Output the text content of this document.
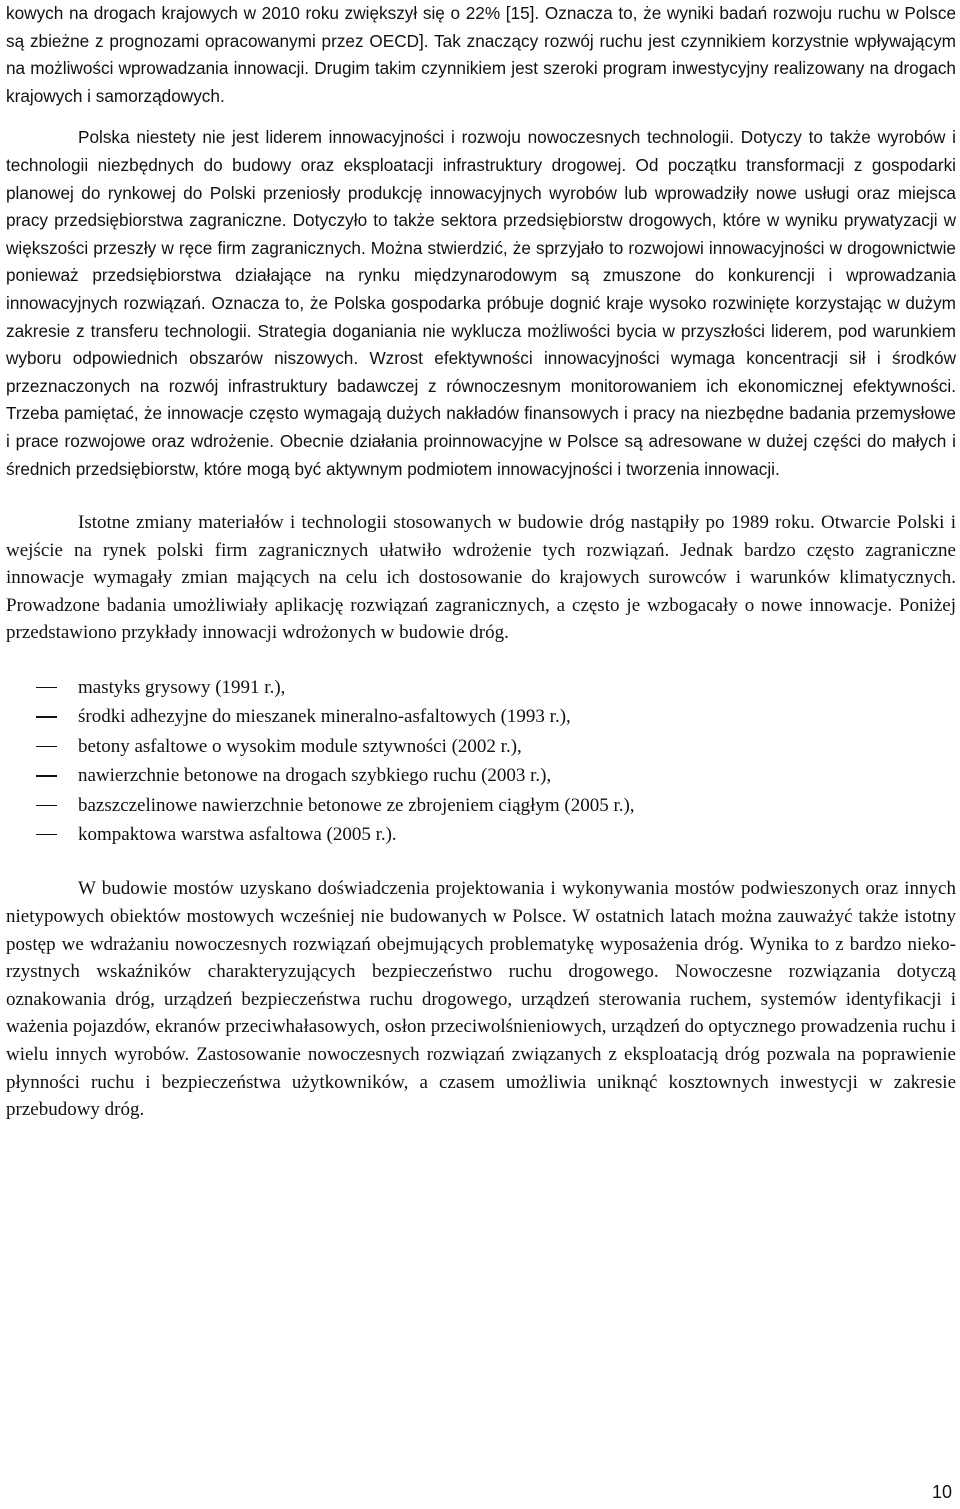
kowych na drogach krajowych w 2010 roku zwiększył się o 22% [15]. Oznacza to, że wyniki badań rozwoju ruchu w Polsce są zbieżne z prognozami opracowanymi przez OECD]. Tak znaczący rozwój ruchu jest czynnikiem korzystnie wpływającym na możliwości wprowadzania innowacji. Drugim takim czynnikiem jest szeroki program inwestycyjny realizowany na drogach krajowych i samorządowych.

Polska niestety nie jest liderem innowacyjności i rozwoju nowoczesnych technologii. Dotyczy to także wyrobów i technologii niezbędnych do budowy oraz eksploatacji infrastruktury drogowej. Od początku transformacji z gospodarki planowej do rynkowej do Polski przeniosły produkcję innowacyjnych wyrobów lub wprowadziły nowe usługi oraz miejsca pracy przedsiębiorstwa zagraniczne. Dotyczyło to także sektora przedsiębiorstw drogowych, które w wyniku prywatyzacji w większości przeszły w ręce firm zagranicznych. Można stwierdzić, że sprzyjało to rozwojowi innowacyjności w drogownictwie ponieważ przedsiębiorstwa działające na rynku międzynarodowym są zmuszone do konkurencji i wprowadzania innowacyjnych rozwiązań. Oznacza to, że Polska gospodarka próbuje dognić kraje wysoko rozwinięte korzystając w dużym zakresie z transferu technologii. Strategia doganiania nie wyklucza możliwości bycia w przyszłości liderem, pod warunkiem wyboru odpowiednich obszarów niszowych. Wzrost efektywności innowacyjności wymaga koncentracji sił i środków przeznaczonych na rozwój infrastruktury badawczej z równoczesnym monitorowaniem ich ekonomicznej efektywności. Trzeba pamiętać, że innowacje często wymagają dużych nakładów finansowych i pracy na niezbędne badania przemysłowe i prace rozwojowe oraz wdrożenie. Obecnie działania proinnowacyjne w Polsce są adresowane w dużej części do małych i średnich przedsiębiorstw, które mogą być aktywnym podmiotem innowacyjności i tworzenia innowacji.

Istotne zmiany materiałów i technologii stosowanych w budowie dróg nastąpiły po 1989 roku. Otwarcie Polski i wejście na rynek polski firm zagranicznych ułatwiło wdrożenie tych rozwiązań. Jednak bardzo często zagraniczne innowacje wymagały zmian mających na celu ich dostosowanie do krajowych surowców i warunków klimatycznych. Prowadzone badania umożliwiały aplikację rozwiązań zagranicznych, a często je wzbogacały o nowe innowacje. Poniżej przedstawiono przykłady innowacji wdrożonych w budowie dróg.

mastyks grysowy (1991 r.),
środki adhezyjne do mieszanek mineralno-asfaltowych (1993 r.),
betony asfaltowe o wysokim module sztywności (2002 r.),
nawierzchnie betonowe na drogach szybkiego ruchu (2003 r.),
bazszczelinowe nawierzchnie betonowe ze zbrojeniem ciągłym (2005 r.),
kompaktowa warstwa asfaltowa (2005 r.).

W budowie mostów uzyskano doświadczenia projektowania i wykonywania mostów podwieszonych oraz innych nietypowych obiektów mostowych wcześniej nie budowanych w Polsce. W ostatnich latach można zauważyć także istotny postęp we wdrażaniu nowoczesnych rozwiązań obejmujących problematykę wyposażenia dróg. Wynika to z bardzo niekorzystnych wskaźników charakteryzujących bezpieczeństwo ruchu drogowego. Nowoczesne rozwiązania dotyczą oznakowania dróg, urządzeń bezpieczeństwa ruchu drogowego, urządzeń sterowania ruchem, systemów identyfikacji i ważenia pojazdów, ekranów przeciwhałasowych, osłon przeciwolśnieniowych, urządzeń do optycznego prowadzenia ruchu i wielu innych wyrobów. Zastosowanie nowoczesnych rozwiązań związanych z eksploatacją dróg pozwala na poprawienie płynności ruchu i bezpieczeństwa użytkowników, a czasem umożliwia uniknąć kosztownych inwestycji w zakresie przebudowy dróg.

10
